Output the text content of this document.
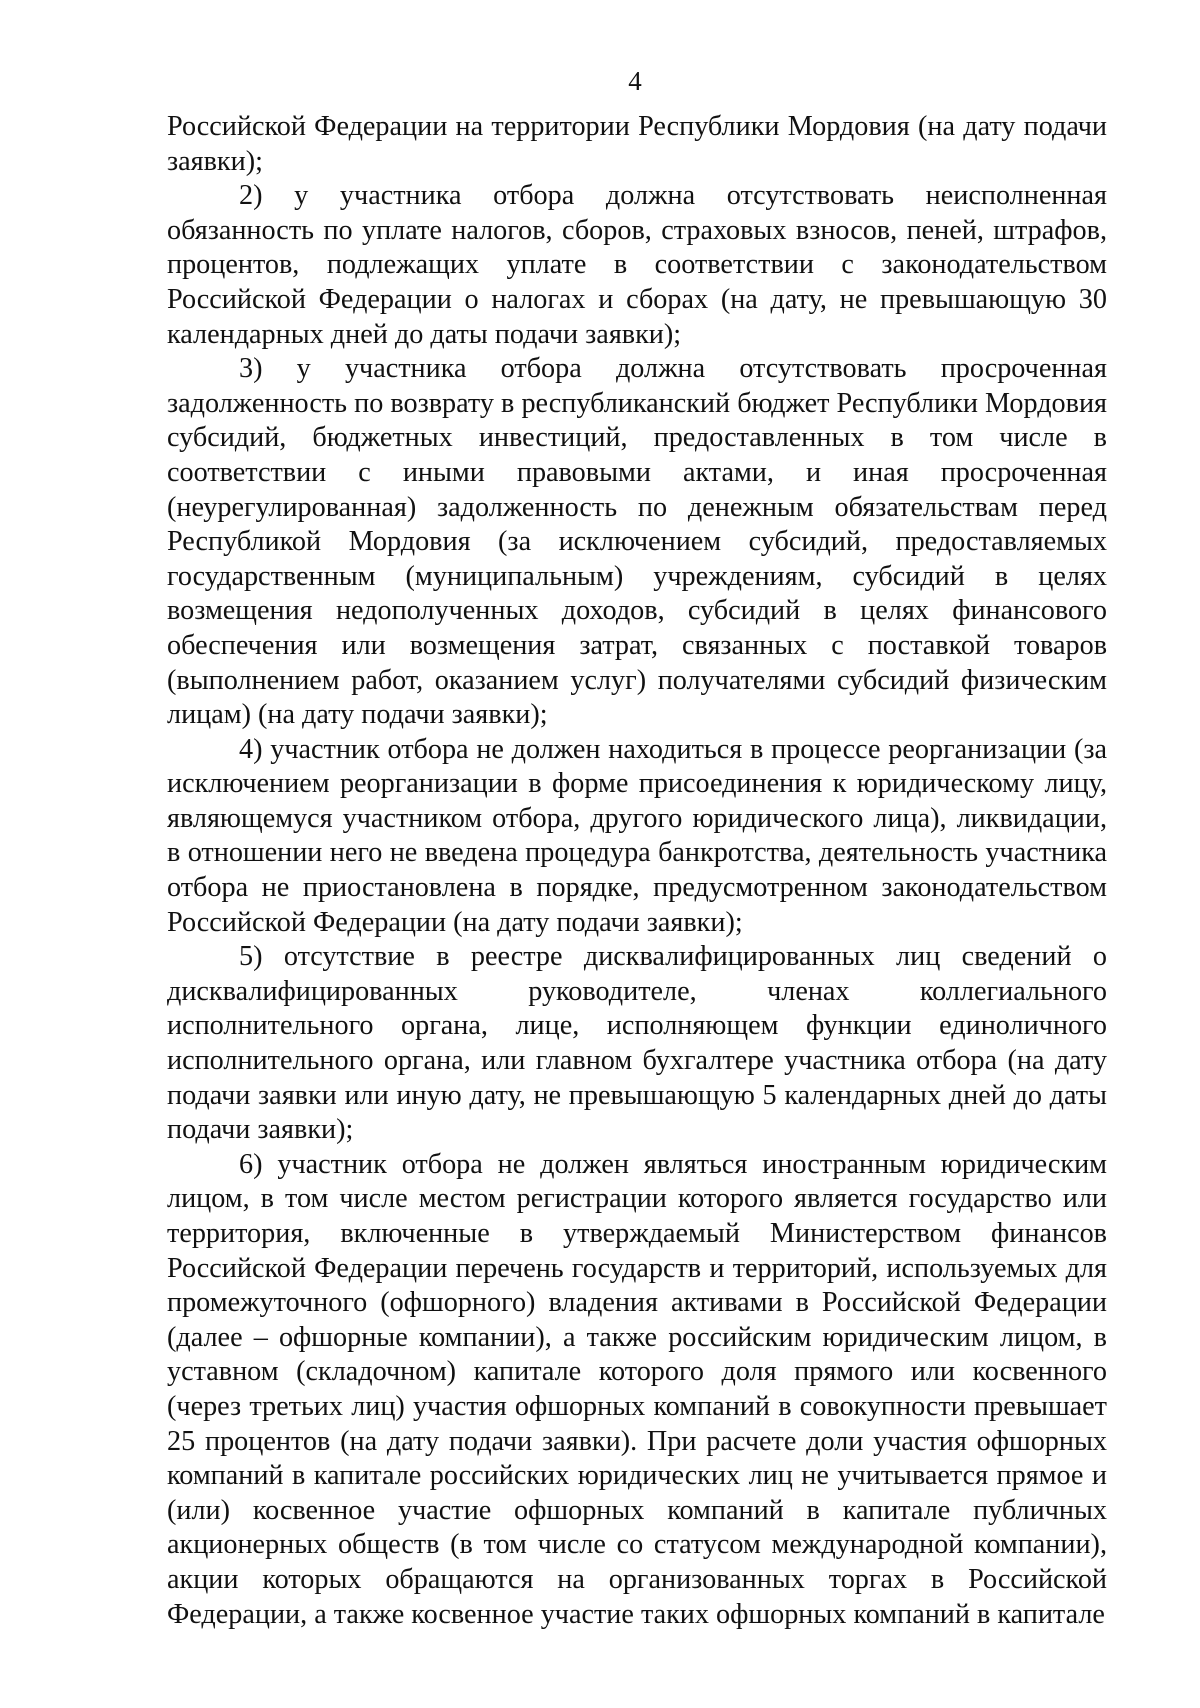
4

Российской Федерации на территории Республики Мордовия (на дату подачи заявки);

2) у участника отбора должна отсутствовать неисполненная обязанность по уплате налогов, сборов, страховых взносов, пеней, штрафов, процентов, подлежащих уплате в соответствии с законодательством Российской Федерации о налогах и сборах (на дату, не превышающую 30 календарных дней до даты подачи заявки);

3) у участника отбора должна отсутствовать просроченная задолженность по возврату в республиканский бюджет Республики Мордовия субсидий, бюджетных инвестиций, предоставленных в том числе в соответствии с иными правовыми актами, и иная просроченная (неурегулированная) задолженность по денежным обязательствам перед Республикой Мордовия (за исключением субсидий, предоставляемых государственным (муниципальным) учреждениям, субсидий в целях возмещения недополученных доходов, субсидий в целях финансового обеспечения или возмещения затрат, связанных с поставкой товаров (выполнением работ, оказанием услуг) получателями субсидий физическим лицам) (на дату подачи заявки);

4) участник отбора не должен находиться в процессе реорганизации (за исключением реорганизации в форме присоединения к юридическому лицу, являющемуся участником отбора, другого юридического лица), ликвидации, в отношении него не введена процедура банкротства, деятельность участника отбора не приостановлена в порядке, предусмотренном законодательством Российской Федерации (на дату подачи заявки);

5) отсутствие в реестре дисквалифицированных лиц сведений о дисквалифицированных руководителе, членах коллегиального исполнительного органа, лице, исполняющем функции единоличного исполнительного органа, или главном бухгалтере участника отбора (на дату подачи заявки или иную дату, не превышающую 5 календарных дней до даты подачи заявки);

6) участник отбора не должен являться иностранным юридическим лицом, в том числе местом регистрации которого является государство или территория, включенные в утверждаемый Министерством финансов Российской Федерации перечень государств и территорий, используемых для промежуточного (офшорного) владения активами в Российской Федерации (далее – офшорные компании), а также российским юридическим лицом, в уставном (складочном) капитале которого доля прямого или косвенного (через третьих лиц) участия офшорных компаний в совокупности превышает 25 процентов (на дату подачи заявки). При расчете доли участия офшорных компаний в капитале российских юридических лиц не учитывается прямое и (или) косвенное участие офшорных компаний в капитале публичных акционерных обществ (в том числе со статусом международной компании), акции которых обращаются на организованных торгах в Российской Федерации, а также косвенное участие таких офшорных компаний в капитале
